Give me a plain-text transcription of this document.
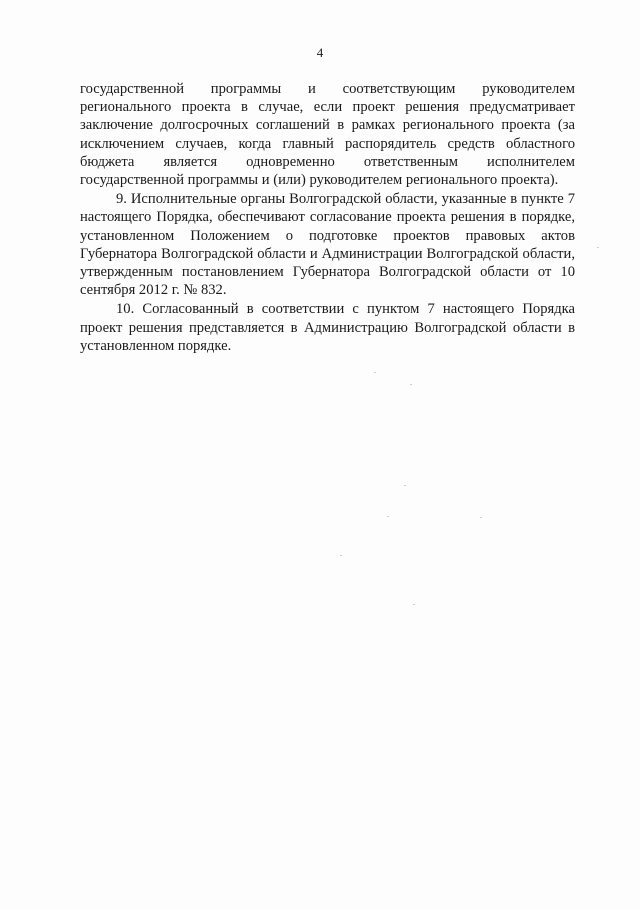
4

государственной программы и соответствующим руководителем регионального проекта в случае, если проект решения предусматривает заключение долгосрочных соглашений в рамках регионального проекта (за исключением случаев, когда главный распорядитель средств областного бюджета является одновременно ответственным исполнителем государственной программы и (или) руководителем регионального проекта).

9. Исполнительные органы Волгоградской области, указанные в пункте 7 настоящего Порядка, обеспечивают согласование проекта решения в порядке, установленном Положением о подготовке проектов правовых актов Губернатора Волгоградской области и Администрации Волгоградской области, утвержденным постановлением Губернатора Волгоградской области от 10 сентября 2012 г. № 832.

10. Согласованный в соответствии с пунктом 7 настоящего Порядка проект решения представляется в Администрацию Волгоградской области в установленном порядке.
